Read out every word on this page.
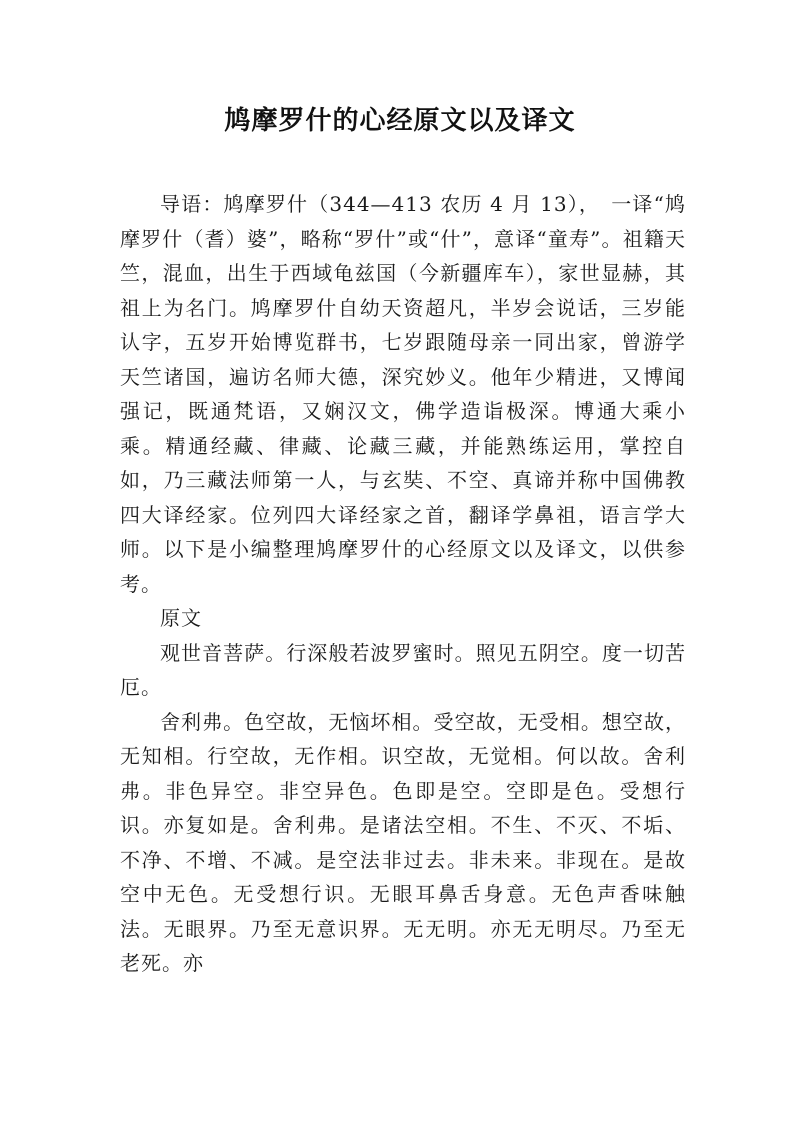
鸠摩罗什的心经原文以及译文

导语：鸠摩罗什（344—413 农历 4 月 13），　一译“鸠摩罗什（耆）婆”，略称“罗什”或“什”，意译“童寿”。祖籍天竺，混血，出生于西域龟兹国（今新疆库车），家世显赫，其祖上为名门。鸠摩罗什自幼天资超凡，半岁会说话，三岁能认字，五岁开始博览群书，七岁跟随母亲一同出家，曾游学天竺诸国，遍访名师大德，深究妙义。他年少精进，又博闻强记，既通梵语，又娴汉文，佛学造诣极深。博通大乘小乘。精通经藏、律藏、论藏三藏，并能熟练运用，掌控自如，乃三藏法师第一人，与玄奘、不空、真谛并称中国佛教四大译经家。位列四大译经家之首，翻译学鼻祖，语言学大师。以下是小编整理鸠摩罗什的心经原文以及译文，以供参考。

原文

观世音菩萨。行深般若波罗蜜时。照见五阴空。度一切苦厄。

舍利弗。色空故，无恼坏相。受空故，无受相。想空故，无知相。行空故，无作相。识空故，无觉相。何以故。舍利弗。非色异空。非空异色。色即是空。空即是色。受想行识。亦复如是。舍利弗。是诸法空相。不生、不灭、不垢、不净、不增、不减。是空法非过去。非未来。非现在。是故空中无色。无受想行识。无眼耳鼻舌身意。无色声香味触法。无眼界。乃至无意识界。无无明。亦无无明尽。乃至无老死。亦
